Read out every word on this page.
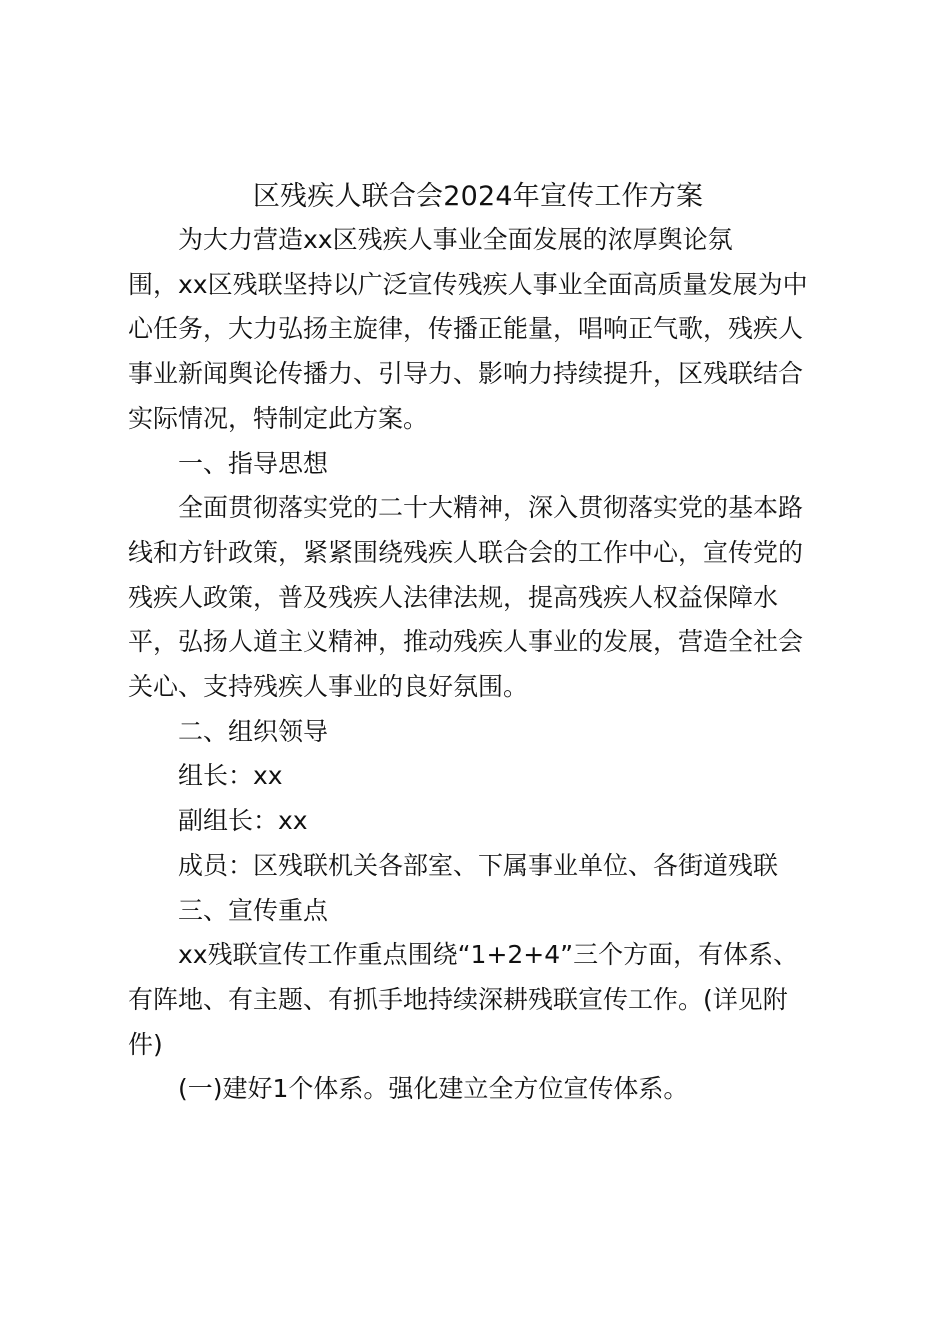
区残疾人联合会2024年宣传工作方案

为大力营造xx区残疾人事业全面发展的浓厚舆论氛
围，xx区残联坚持以广泛宣传残疾人事业全面高质量发展为中
心任务，大力弘扬主旋律，传播正能量，唱响正气歌，残疾人
事业新闻舆论传播力、引导力、影响力持续提升，区残联结合
实际情况，特制定此方案。

一、指导思想

全面贯彻落实党的二十大精神，深入贯彻落实党的基本路
线和方针政策，紧紧围绕残疾人联合会的工作中心，宣传党的
残疾人政策，普及残疾人法律法规，提高残疾人权益保障水
平，弘扬人道主义精神，推动残疾人事业的发展，营造全社会
关心、支持残疾人事业的良好氛围。

二、组织领导

组长：xx

副组长：xx

成员：区残联机关各部室、下属事业单位、各街道残联

三、宣传重点

xx残联宣传工作重点围绕“1+2+4”三个方面，有体系、
有阵地、有主题、有抓手地持续深耕残联宣传工作。(详见附
件)

(一)建好1个体系。强化建立全方位宣传体系。
